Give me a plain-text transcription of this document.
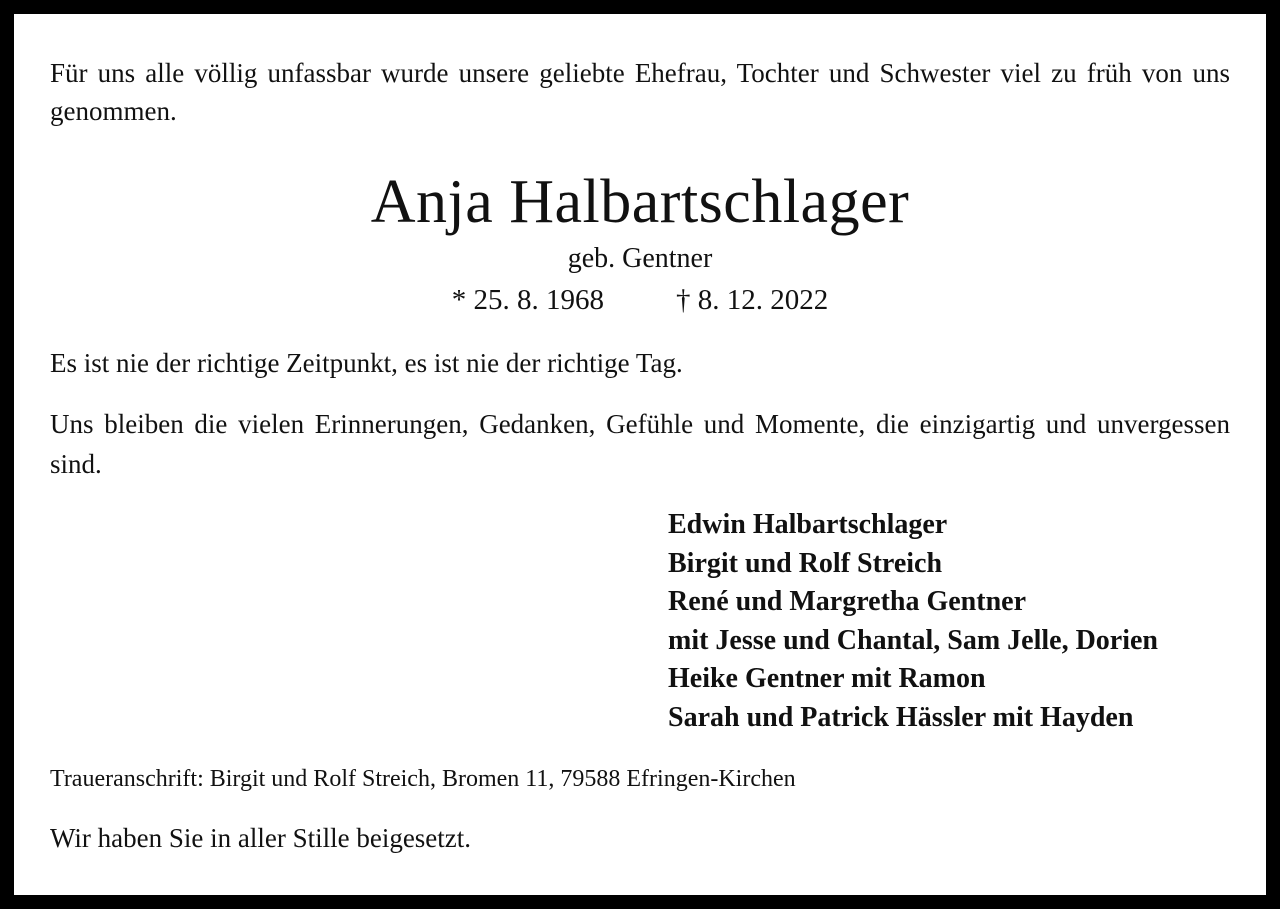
Für uns alle völlig unfassbar wurde unsere geliebte Ehefrau, Tochter und Schwester viel zu früh von uns genommen.

Anja Halbartschlager
geb. Gentner
* 25. 8. 1968 † 8. 12. 2022

Es ist nie der richtige Zeitpunkt, es ist nie der richtige Tag.

Uns bleiben die vielen Erinnerungen, Gedanken, Gefühle und Momente, die einzigartig und unvergessen sind.

Edwin Halbartschlager
Birgit und Rolf Streich
René und Margretha Gentner
mit Jesse und Chantal, Sam Jelle, Dorien
Heike Gentner mit Ramon
Sarah und Patrick Hässler mit Hayden

Traueranschrift: Birgit und Rolf Streich, Bromen 11, 79588 Efringen-Kirchen

Wir haben Sie in aller Stille beigesetzt.
